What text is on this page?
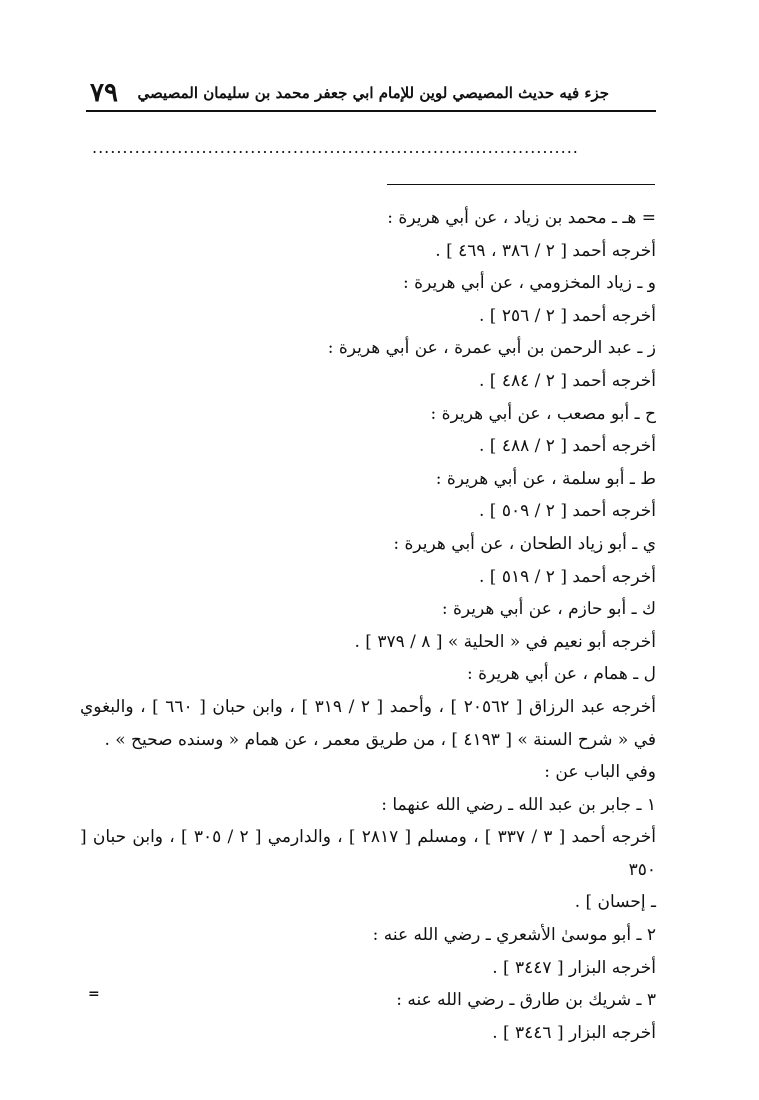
٧٩ جزء فيه حديث المصيصي لوين للإمام ابي جعفر محمد بن سليمان المصيصي
................................................................................
= هـ ـ محمد بن زياد ، عن أبي هريرة :
أخرجه أحمد [ ٢ / ٣٨٦ ، ٤٦٩ ] .
و ـ زياد المخزومي ، عن أبي هريرة :
أخرجه أحمد [ ٢ / ٢٥٦ ] .
ز ـ عبد الرحمن بن أبي عمرة ، عن أبي هريرة :
أخرجه أحمد [ ٢ / ٤٨٤ ] .
ح ـ أبو مصعب ، عن أبي هريرة :
أخرجه أحمد [ ٢ / ٤٨٨ ] .
ط ـ أبو سلمة ، عن أبي هريرة :
أخرجه أحمد [ ٢ / ٥٠٩ ] .
ي ـ أبو زياد الطحان ، عن أبي هريرة :
أخرجه أحمد [ ٢ / ٥١٩ ] .
ك ـ أبو حازم ، عن أبي هريرة :
أخرجه أبو نعيم في « الحلية » [ ٨ / ٣٧٩ ] .
ل ـ همام ، عن أبي هريرة :
أخرجه عبد الرزاق [ ٢٠٥٦٢ ] ، وأحمد [ ٢ / ٣١٩ ] ، وابن حبان [ ٦٦٠ ] ، والبغوي
في « شرح السنة » [ ٤١٩٣ ] ، من طريق معمر ، عن همام « وسنده صحيح » .
وفي الباب عن :
١ ـ جابر بن عبد الله ـ رضي الله عنهما :
أخرجه أحمد [ ٣ / ٣٣٧ ] ، ومسلم [ ٢٨١٧ ] ، والدارمي [ ٢ / ٣٠٥ ] ، وابن حبان [ ٣٥٠
ـ إحسان ] .
٢ ـ أبو موسىٰ الأشعري ـ رضي الله عنه :
أخرجه البزار [ ٣٤٤٧ ] .
٣ ـ شريك بن طارق ـ رضي الله عنه :
أخرجه البزار [ ٣٤٤٦ ] .
=
